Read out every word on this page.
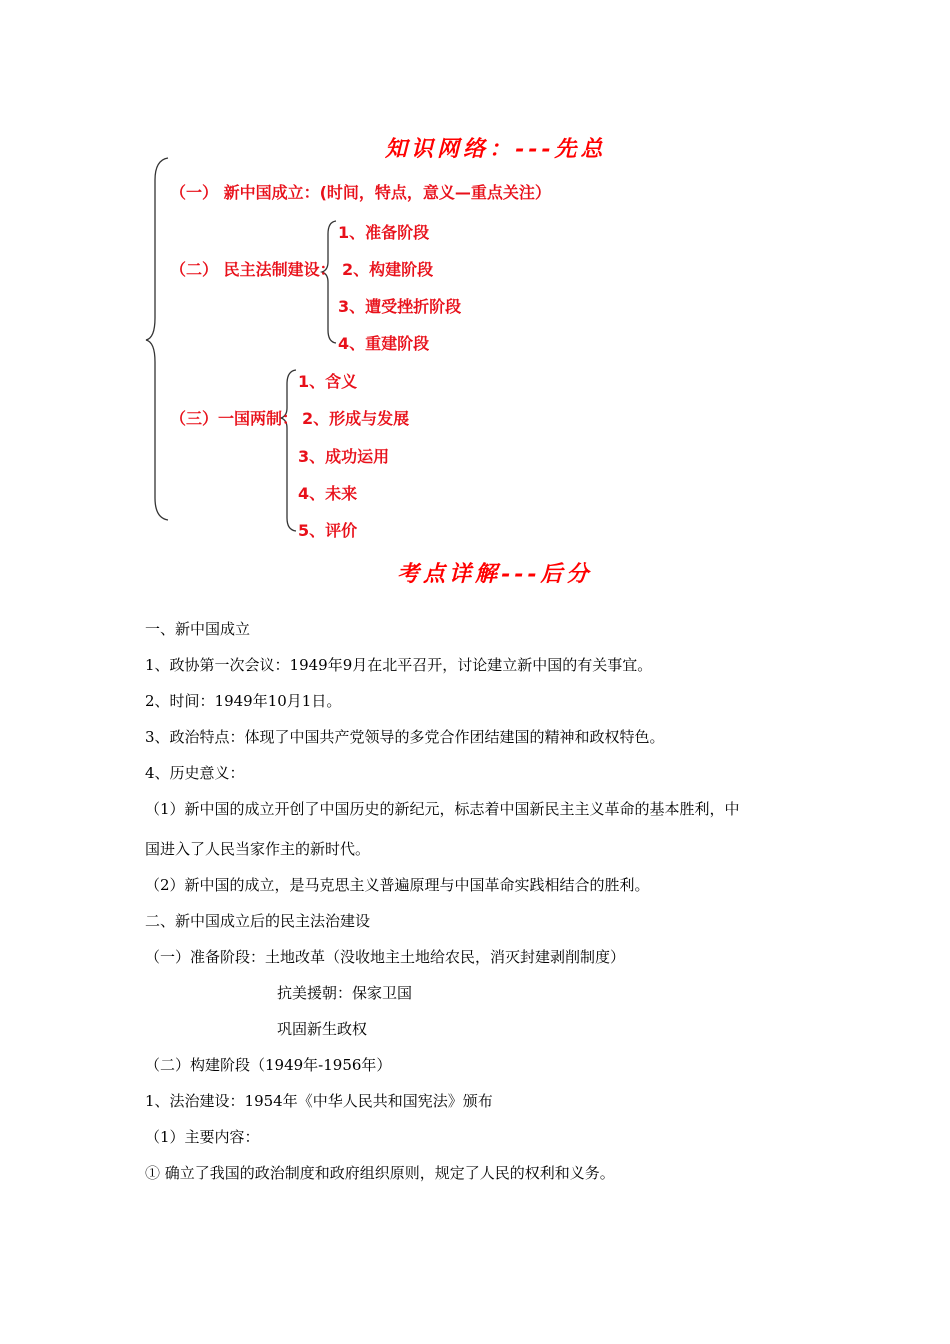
知识网络：---先总
（一） 新中国成立：(时间，特点，意义—重点关注）
（二） 民主法制建设：
1、准备阶段
2、构建阶段
3、遭受挫折阶段
4、重建阶段
（三）一国两制：
1、含义
2、形成与发展
3、成功运用
4、未来
5、评价
考点详解---后分
一、新中国成立
1、政协第一次会议：1949年9月在北平召开，讨论建立新中国的有关事宜。
2、时间：1949年10月1日。
3、政治特点：体现了中国共产党领导的多党合作团结建国的精神和政权特色。
4、历史意义：
（1）新中国的成立开创了中国历史的新纪元，标志着中国新民主主义革命的基本胜利，中
国进入了人民当家作主的新时代。
（2）新中国的成立，是马克思主义普遍原理与中国革命实践相结合的胜利。
二、新中国成立后的民主法治建设
（一）准备阶段：土地改革（没收地主土地给农民，消灭封建剥削制度）
抗美援朝：保家卫国
巩固新生政权
（二）构建阶段（1949年-1956年）
1、法治建设：1954年《中华人民共和国宪法》颁布
（1）主要内容：
① 确立了我国的政治制度和政府组织原则，规定了人民的权利和义务。
